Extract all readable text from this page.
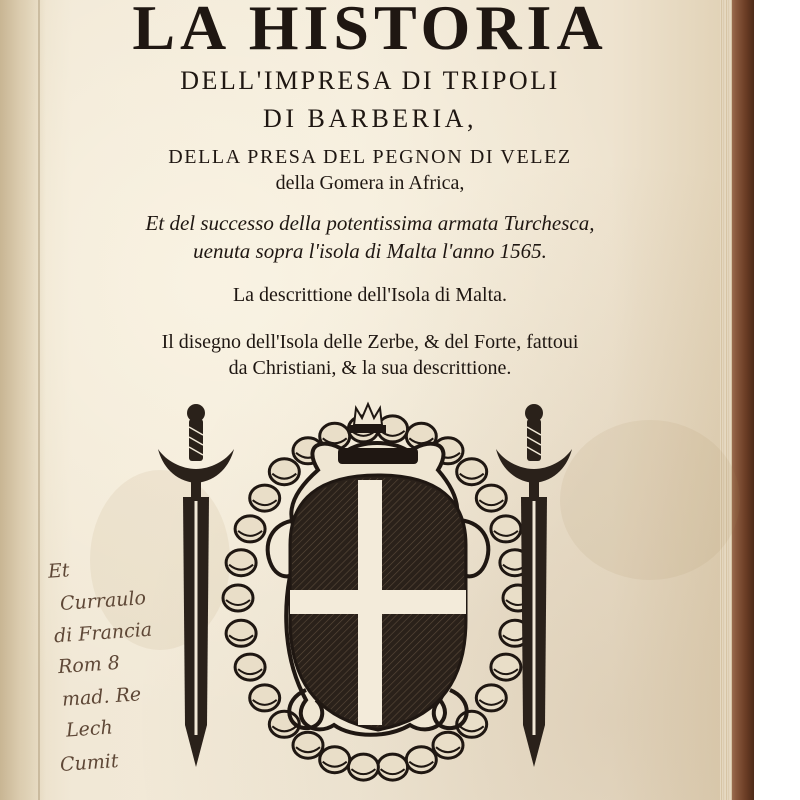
LA HISTORIA

DELL'IMPRESA DI TRIPOLI

DI BARBERIA,

DELLA PRESA DEL PEGNON DI VELEZ

della Gomera in Africa,

Et del successo della potentissima armata Turchesca,

uenuta sopra l'isola di Malta l'anno 1565.

La descrittione dell'Isola di Malta.

Il disegno dell'Isola delle Zerbe, & del Forte, fattoui

da Christiani, & la sua descrittione.

Et

Curraulo

di Francia

Rom 8

mad. Re

Lech

Cumit
